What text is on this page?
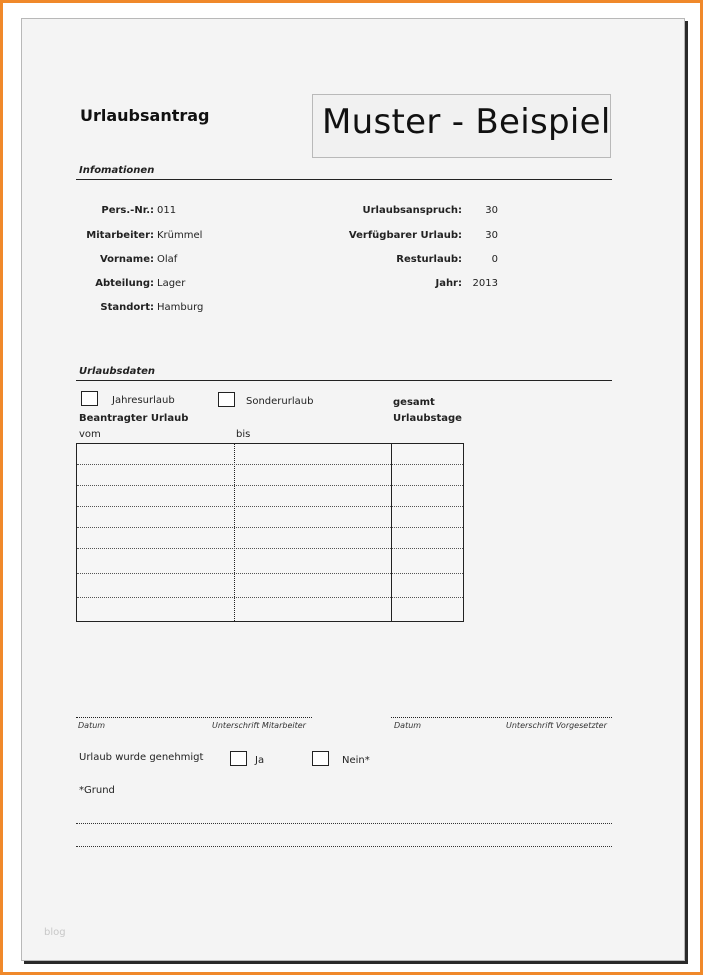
Urlaubsantrag	Muster - Beispiel
Infomationen
Pers.-Nr.: 011
Mitarbeiter: Krümmel
Vorname: Olaf
Abteilung: Lager
Standort: Hamburg
Urlaubsanspruch:	30
Verfügbarer Urlaub:	30
Resturlaub:	0
Jahr:	2013
Urlaubsdaten
Jahresurlaub	Sonderurlaub	gesamt
Urlaubstage
Beantragter Urlaub
vom	bis
Datum	Unterschrift Mitarbeiter	Datum	Unterschrift Vorgesetzter
Urlaub wurde genehmigt	Ja	Nein*
*Grund
blog
